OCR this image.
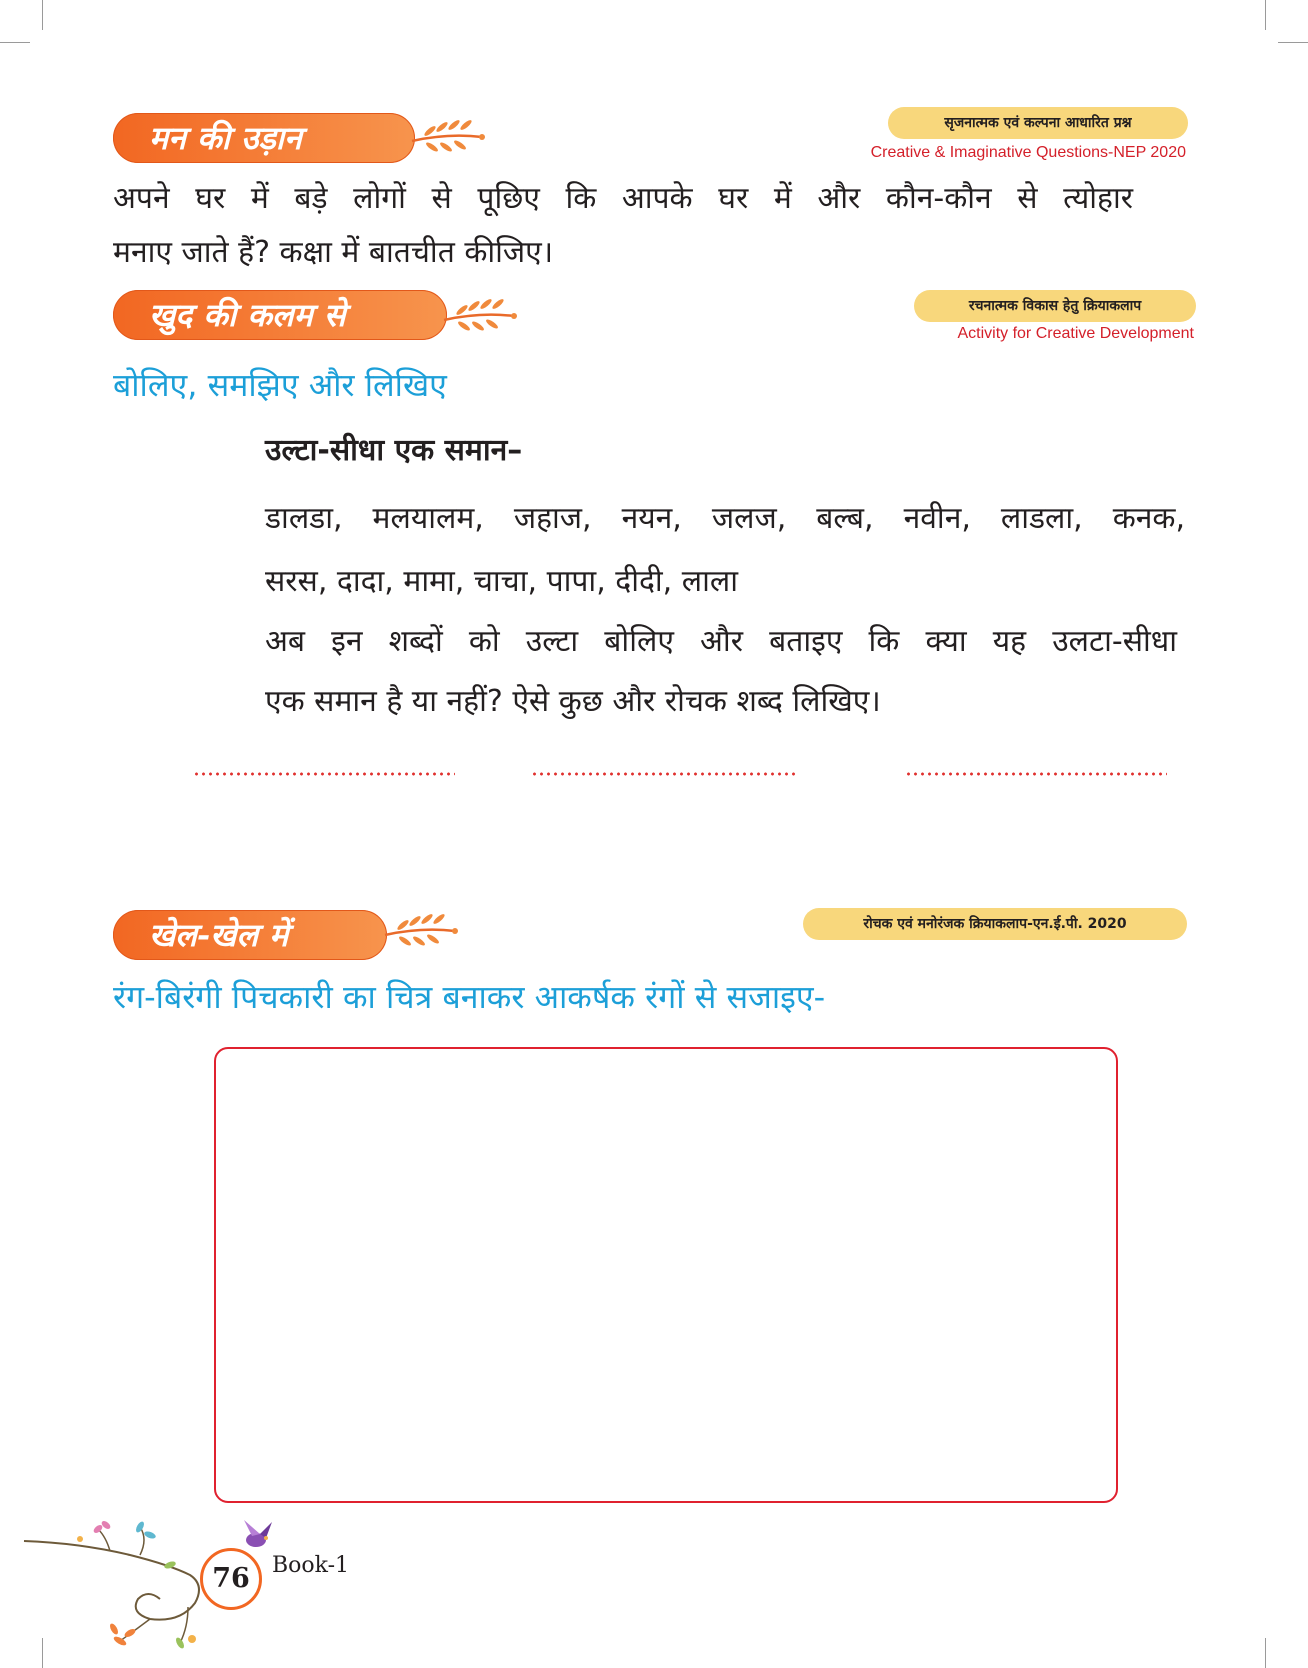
मन की उड़ान	सृजनात्मक एवं कल्पना आधारित प्रश्न
Creative & Imaginative Questions-NEP 2020
अपने घर में बड़े लोगों से पूछिए कि आपके घर में और कौन-कौन से त्योहार
मनाए जाते हैं? कक्षा में बातचीत कीजिए।
खुद की कलम से	रचनात्मक विकास हेतु क्रियाकलाप
Activity for Creative Development
बोलिए, समझिए और लिखिए
उल्टा-सीधा एक समान–
डालडा, मलयालम, जहाज, नयन, जलज, बल्ब, नवीन, लाडला, कनक,
सरस, दादा, मामा, चाचा, पापा, दीदी, लाला
अब इन शब्दों को उल्टा बोलिए और बताइए कि क्या यह उलटा-सीधा
एक समान है या नहीं? ऐसे कुछ और रोचक शब्द लिखिए।
खेल-खेल में	रोचक एवं मनोरंजक क्रियाकलाप-एन.ई.पी. 2020
रंग-बिरंगी पिचकारी का चित्र बनाकर आकर्षक रंगों से सजाइए-
76	Book-1
